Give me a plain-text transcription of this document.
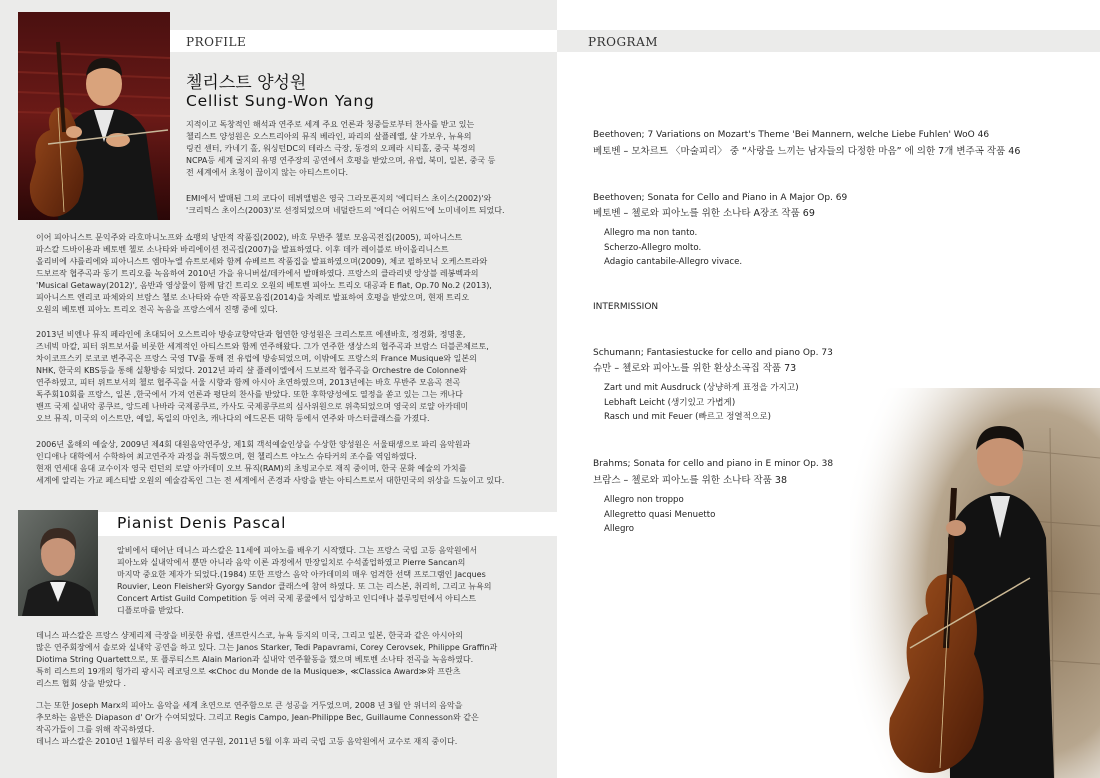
PROFILE
첼리스트 양성원
Cellist Sung-Won Yang

지적이고 독창적인 해석과 연주로 세계 주요 언론과 청중들로부터 찬사를 받고 있는
첼리스트 양성원은 오스트리아의 뮤직 베라인, 파리의 살플레옐, 샬 가보우, 뉴욕의
링컨 센터, 카네기 홀, 워싱턴DC의 테라스 극장, 동경의 오페라 시티홀, 중국 북경의
NCPA등 세계 굴지의 유명 연주장의 공연에서 호평을 받았으며, 유럽, 북미, 일본, 중국 등
전 세계에서 초청이 끊이지 않는 아티스트이다.

EMI에서 발매된 그의 코다이 데뷔앨범은 영국 그라모폰지의 '에디터스 초이스(2002)'와
'크리틱스 초이스(2003)'로 선정되었으며 네덜란드의 '에디슨 어워드'에 노미네이트 되었다.

이어 피아니스트 문익주와 라흐마니노프와 쇼팽의 낭만적 작품집(2002), 바흐 무반주 첼로 모음곡전집(2005), 피아니스트
파스칼 드바이용과 베토벤 첼로 소나타와 바리에이션 전곡집(2007)을 발표하였다. 이후 데카 레이블로 바이올리니스트
올리비에 샤를리에와 피아니스트 엠마누엘 슈트로세와 함께 슈베르트 작품집을 발표하였으며(2009), 체코 필하모닉 오케스트라와
드보르작 협주곡과 동기 트리오를 녹음하여 2010년 가을 유니버설/데카에서 발매하였다. 프랑스의 클라리넷 앙상블 레봉벡과의
'Musical Getaway(2012)', 음반과 영상물이 함께 담긴 트리오 오원의 베토벤 피아노 트리오 대공과 E flat, Op.70 No.2 (2013),
피아니스트 엔리코 파체와의 브람스 첼로 소나타와 슈만 작품모음집(2014)을 차례로 발표하여 호평을 받았으며, 현재 트리오
오원의 베토벤 피아노 트리오 전곡 녹음을 프랑스에서 진행 중에 있다.

2013년 비엔나 뮤직 페라인에 초대되어 오스트리아 방송교향악단과 협연한 양성원은 크리스토프 에센바흐, 정경화, 정명훈,
즈네빅 마칼, 피터 위트보서를 비롯한 세계적인 아티스트와 함께 연주해왔다. 그가 연주한 생상스의 협주곡과 브람스 더블콘체르토,
차이코프스키 로코코 변주곡은 프랑스 국영 TV를 통해 전 유럽에 방송되었으며, 이밖에도 프랑스의 France Musique와 일본의
NHK, 한국의 KBS등을 통해 실황방송 되었다. 2012년 파리 샬 플레이엘에서 드보르작 협주곡을 Orchestre de Colonne와
연주하였고, 피터 위트보서의 첼로 협주곡을 서울 시향과 함께 아시아 초연하였으며, 2013년에는 바흐 무반주 모음곡 전곡
독주회10회를 프랑스, 일본 ,한국에서 가져 언론과 평단의 찬사를 받았다. 또한 후학양성에도 열정을 쏟고 있는 그는 캐나다
밴프 국제 실내악 콩쿠르, 앙드레 나바라 국제콩쿠르, 카사도 국제콩쿠르의 심사위원으로 위촉되었으며 영국의 로얄 아카데미
오브 뮤직, 미국의 이스트만, 예일, 독일의 마인츠, 캐나다의 에드몬튼 대학 등에서 연주와 마스터클래스를 가졌다.

2006년 올해의 예술상, 2009년 제4회 대원음악연주상, 제1회 객석예술인상을 수상한 양성원은 서울태생으로 파리 음악원과
인디애나 대학에서 수학하여 최고연주자 과정을 취득했으며, 현 첼리스트 야노스 슈타커의 조수를 역임하였다.
현재 연세대 음대 교수이자 영국 런던의 로얄 아카데미 오브 뮤직(RAM)의 초빙교수로 재직 중이며, 한국 문화 예술의 가치를
세계에 알리는 가교 페스티발 오원의 예술감독인 그는 전 세계에서 존경과 사랑을 받는 아티스트로서 대한민국의 위상을 드높이고 있다.

Pianist Denis Pascal

알비에서 태어난 데니스 파스칼은 11세에 피아노를 배우기 시작했다. 그는 프랑스 국립 고등 음악원에서
피아노와 실내악에서 뿐만 아니라 음악 이론 과정에서 만장일치로 수석졸업하였고 Pierre Sancan의
마지막 중요한 제자가 되었다.(1984) 또한 프랑스 음악 아카데미의 매우 엄격한 선택 프로그램인 Jacques
Rouvier, Leon Fleisher와 Gyorgy Sandor 클래스에 참여 하였다. 또 그는 리스본, 취리히, 그리고 뉴욕의
Concert Artist Guild Competition 등 여러 국제 콩쿨에서 입상하고 인디애나 블루밍턴에서 아티스트
디플로마를 받았다.

데니스 파스칼은 프랑스 샹제리제 극장을 비롯한 유럽, 샌프란시스코, 뉴욕 등지의 미국, 그리고 일본, 한국과 같은 아시아의
많은 연주회장에서 솔로와 실내악 공연을 하고 있다. 그는 Janos Starker, Tedi Papavrami, Corey Cerovsek, Philippe Graffin과
Diotima String Quartett으로, 또 플루티스트 Alain Marion과 실내악 연주활동을 했으며 베토벤 소나타 전곡을 녹음하였다.
특히 리스트의 19개의 헝가리 광시곡 레코딩으로 ≪Choc du Monde de la Musique≫, ≪Classica Award≫와 프란츠
리스트 협회 상을 받았다 .

그는 또한 Joseph Marx의 피아노 음악을 세계 초연으로 연주함으로 큰 성공을 거두었으며, 2008 년 3월 안 위너의 음악을
추모하는 음반은 Diapason d' Or가 수여되었다. 그리고 Regis Campo, Jean-Philippe Bec, Guillaume Connesson와 같은
작곡가들이 그를 위해 작곡하였다.
데니스 파스칼은 2010년 1월부터 리옹 음악원 연구원, 2011년 5월 이후 파리 국립 고등 음악원에서 교수로 재직 중이다.

PROGRAM

Beethoven; 7 Variations on Mozart's Theme 'Bei Mannern, welche Liebe Fuhlen' WoO 46

베토벤 – 모차르트 〈마술피리〉 중 “사랑을 느끼는 남자들의 다정한 마음” 에 의한 7개 변주곡 작품 46

Beethoven; Sonata for Cello and Piano in A Major Op. 69

베토벤 – 첼로와 피아노를 위한 소나타 A장조 작품 69

Allegro ma non tanto.
Scherzo-Allegro molto.
Adagio cantabile-Allegro vivace.

INTERMISSION

Schumann; Fantasiestucke for cello and piano Op. 73

슈만 – 첼로와 피아노를 위한 환상소곡집 작품 73

Zart und mit Ausdruck (상냥하게 표정을 가지고)
Lebhaft Leicht (생기있고 가볍게)
Rasch und mit Feuer (빠르고 정열적으로)

Brahms; Sonata for cello and piano in E minor Op. 38

브람스 – 첼로와 피아노를 위한 소나타 작품 38

Allegro non troppo
Allegretto quasi Menuetto
Allegro
